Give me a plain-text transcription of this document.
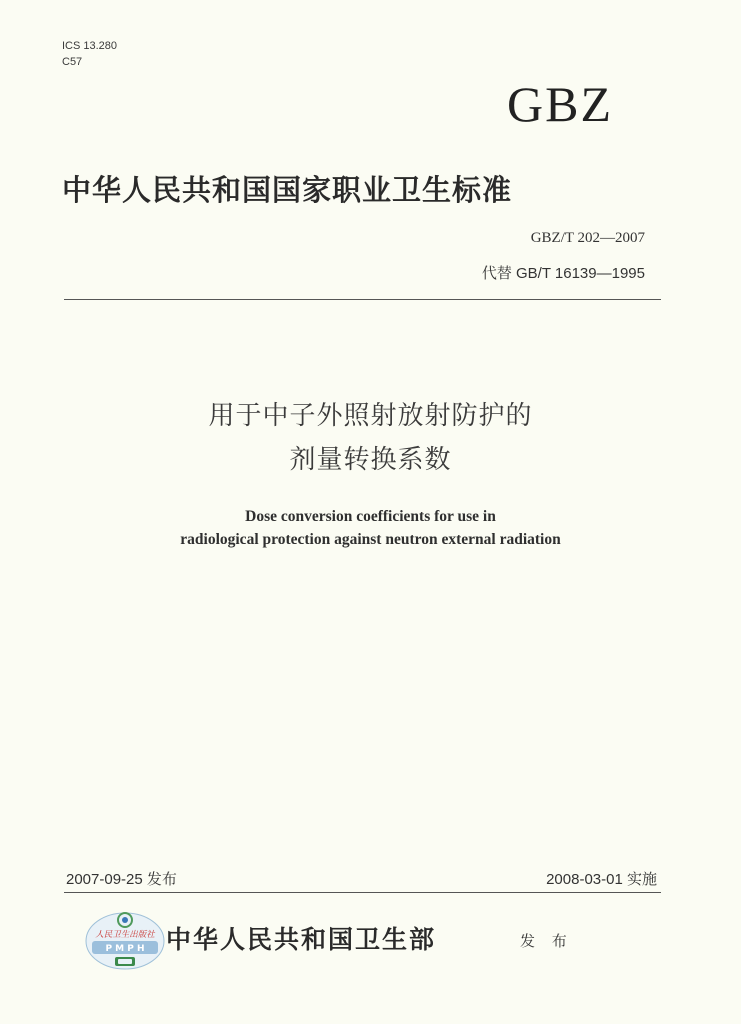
ICS 13.280
C57
GBZ
中华人民共和国国家职业卫生标准
GBZ/T 202—2007
代替 GB/T 16139—1995
用于中子外照射放射防护的
剂量转换系数
Dose conversion coefficients for use in
radiological protection against neutron external radiation
2007-09-25 发布	2008-03-01 实施
人民卫生出版社
P M P H 中华人民共和国卫生部	发 布
